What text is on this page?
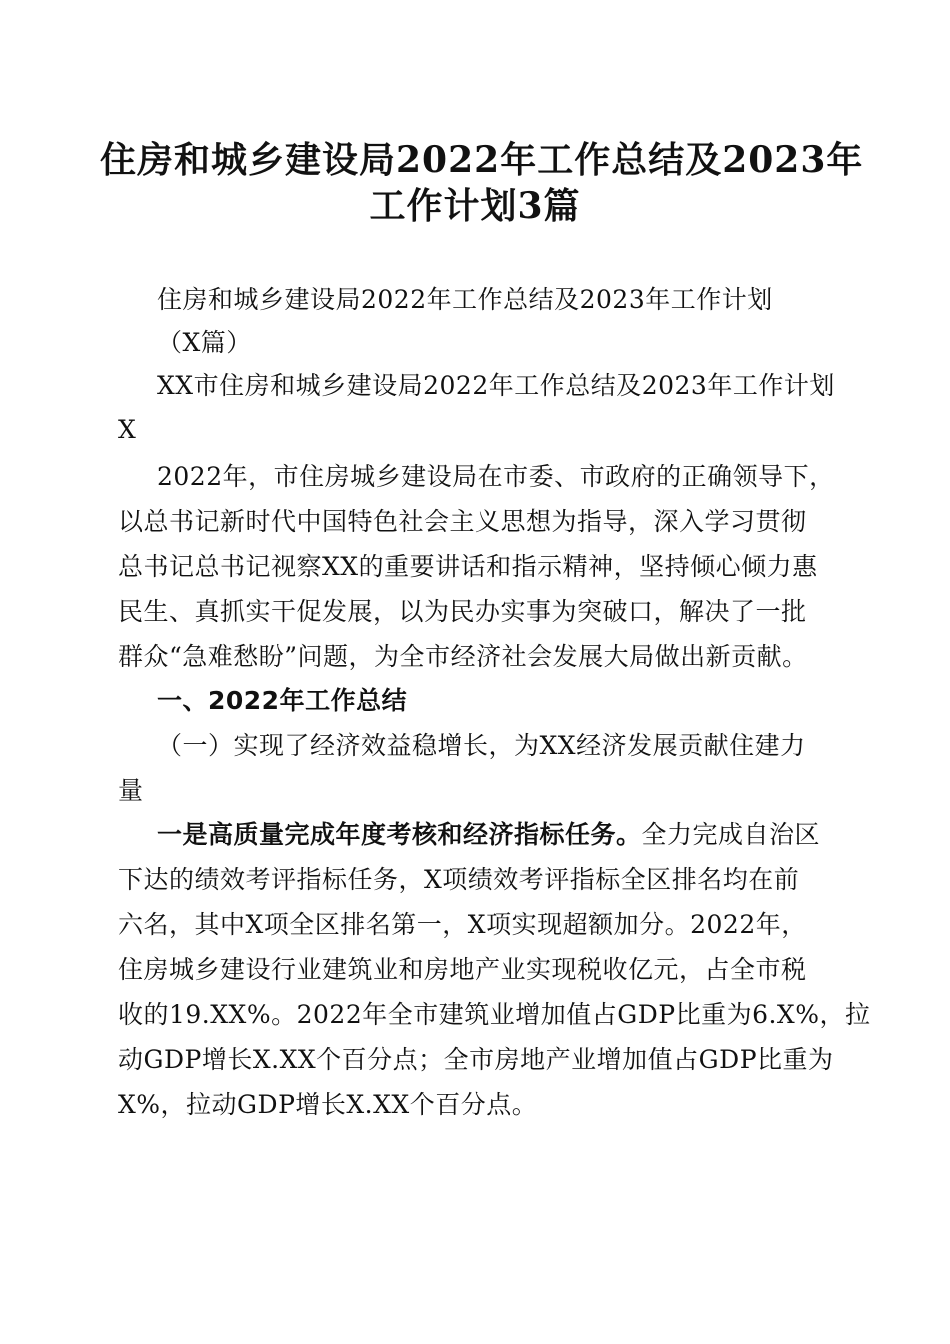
住房和城乡建设局2022年工作总结及2023年
工作计划3篇
住房和城乡建设局2022年工作总结及2023年工作计划
（X篇）
XX市住房和城乡建设局2022年工作总结及2023年工作计划
X
2022年，市住房城乡建设局在市委、市政府的正确领导下，
以总书记新时代中国特色社会主义思想为指导，深入学习贯彻
总书记总书记视察XX的重要讲话和指示精神，坚持倾心倾力惠
民生、真抓实干促发展，以为民办实事为突破口，解决了一批
群众“急难愁盼”问题，为全市经济社会发展大局做出新贡献。
一、2022年工作总结
（一）实现了经济效益稳增长，为XX经济发展贡献住建力
量
一是高质量完成年度考核和经济指标任务。全力完成自治区
下达的绩效考评指标任务，X项绩效考评指标全区排名均在前
六名，其中X项全区排名第一，X项实现超额加分。2022年，
住房城乡建设行业建筑业和房地产业实现税收亿元，占全市税
收的19.XX%。2022年全市建筑业增加值占GDP比重为6.X%，拉
动GDP增长X.XX个百分点；全市房地产业增加值占GDP比重为
X%，拉动GDP增长X.XX个百分点。
